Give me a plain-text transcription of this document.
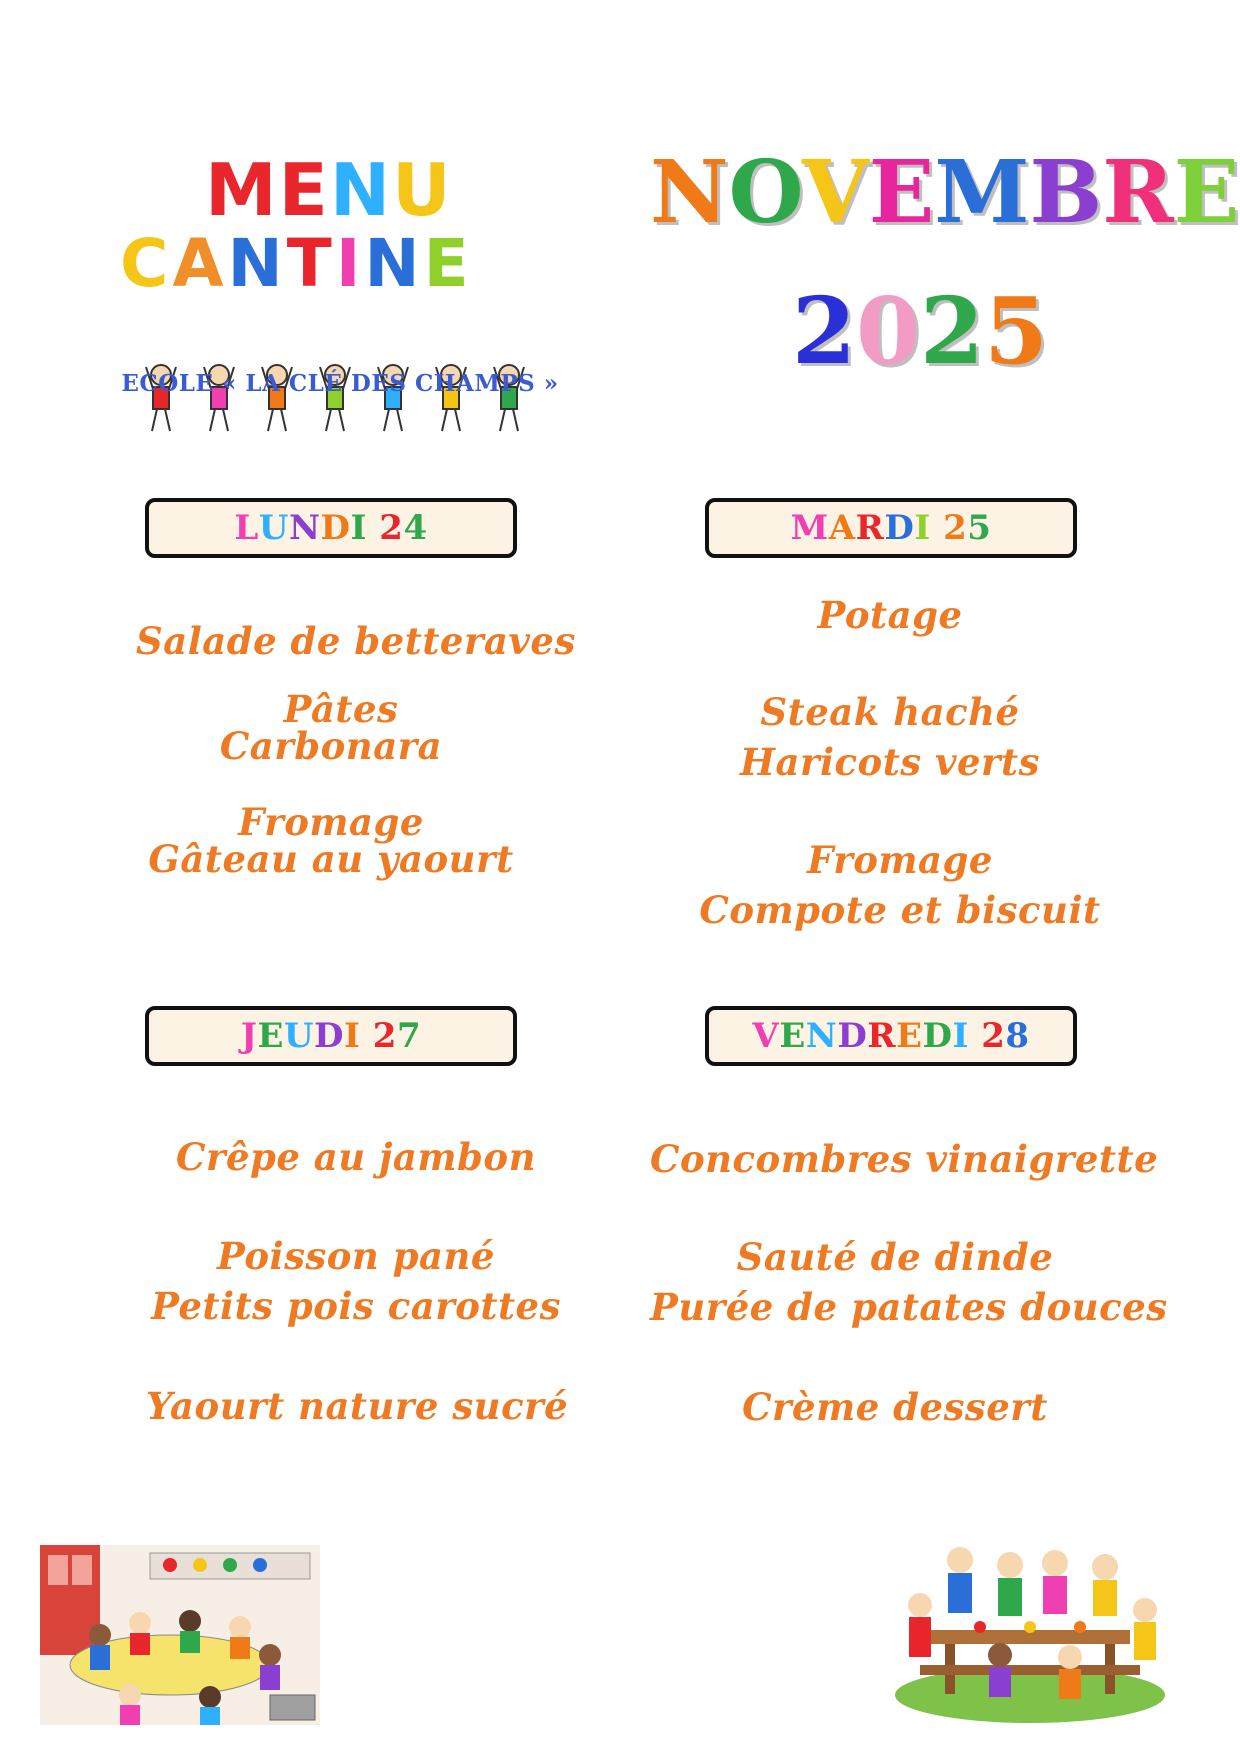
MENU
CANTINE
ECOLE « LA CLÉ DES CHAMPS »
NOVEMBRE
2025
L U N D I
2 4	M A R D I
2 5
J E U D I
2 7	V E N D R E D I
2 8
Salade de betteraves
Pâtes
Carbonara
Fromage
Gâteau au yaourt
Potage
Steak haché
Haricots verts
Fromage
Compote et biscuit
Crêpe au jambon
Poisson pané
Petits pois carottes
Yaourt nature sucré
Concombres vinaigrette
Sauté de dinde
Purée de patates douces
Crème dessert
